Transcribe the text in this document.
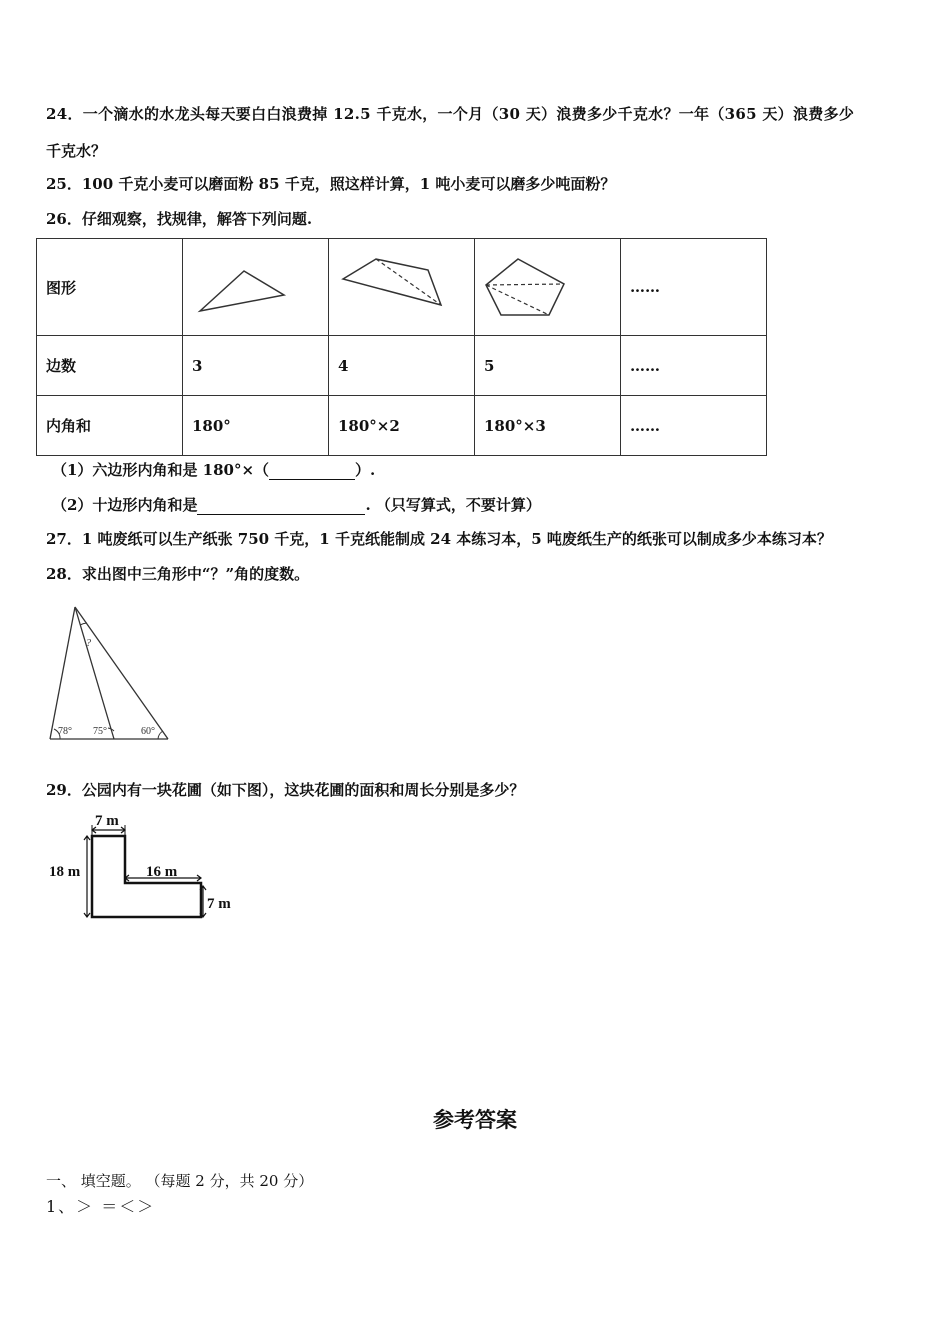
24．一个滴水的水龙头每天要白白浪费掉 12.5 千克水，一个月（30 天）浪费多少千克水？一年（365 天）浪费多少
千克水？
25．100 千克小麦可以磨面粉 85 千克，照这样计算，1 吨小麦可以磨多少吨面粉？
26．仔细观察，找规律，解答下列问题.
图形				……
边数	3	4	5	……
内角和	180°	180°×2	180°×3	……
（1）六边形内角和是 180°×（	）.
（2）十边形内角和是	. （只写算式，不要计算）
27．1 吨废纸可以生产纸张 750 千克，1 千克纸能制成 24 本练习本，5 吨废纸生产的纸张可以制成多少本练习本？
28．求出图中三角形中“？”角的度数。
?
78° 75°	60°
29．公园内有一块花圃（如下图），这块花圃的面积和周长分别是多少？
7 m
18 m	16 m
7 m
参考答案
一、 填空题。 （每题 2 分，共 20 分）
1、＞ ＝＜＞
